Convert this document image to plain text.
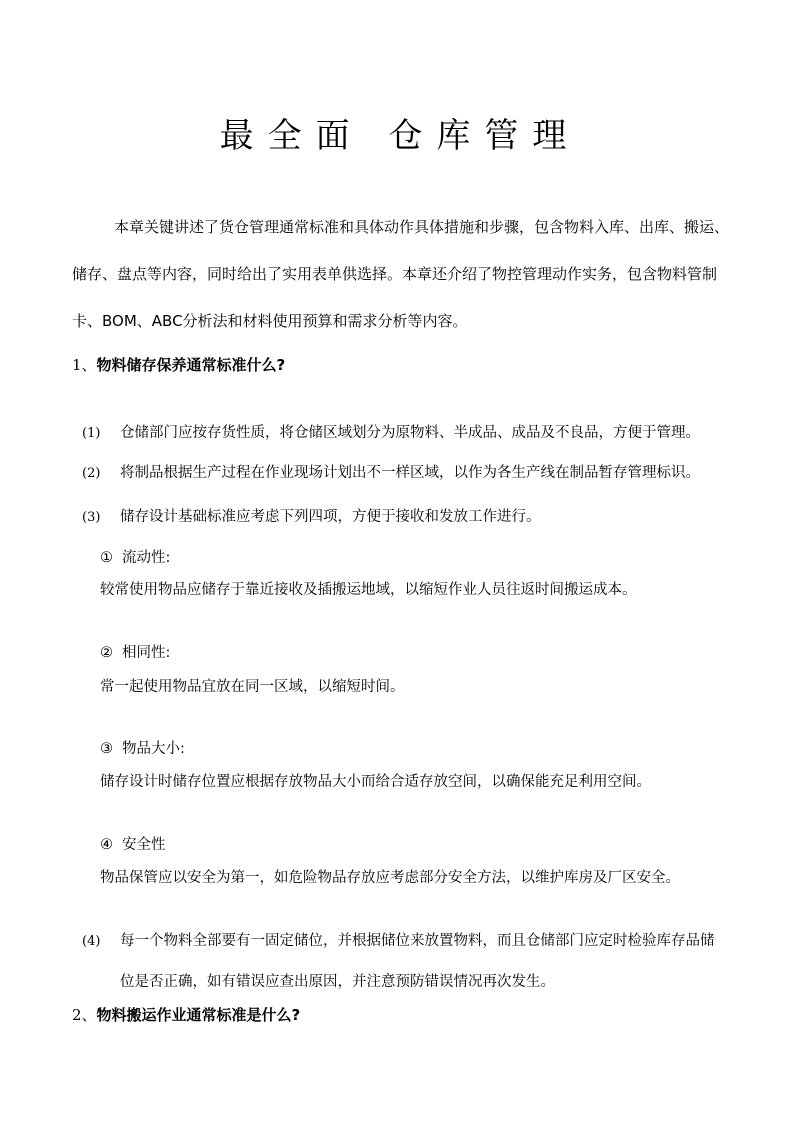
最全面 仓库管理

本章关键讲述了货仓管理通常标准和具体动作具体措施和步骤，包含物料入库、出库、搬运、储存、盘点等内容，同时给出了实用表单供选择。本章还介绍了物控管理动作实务，包含物料管制卡、BOM、ABC分析法和材料使用预算和需求分析等内容。

1、物料储存保养通常标准什么?

(1) 仓储部门应按存货性质，将仓储区域划分为原物料、半成品、成品及不良品，方便于管理。

(2) 将制品根据生产过程在作业现场计划出不一样区域，以作为各生产线在制品暂存管理标识。

(3) 储存设计基础标准应考虑下列四项，方便于接收和发放工作进行。

① 流动性:

较常使用物品应储存于靠近接收及插搬运地域，以缩短作业人员往返时间搬运成本。

② 相同性:

常一起使用物品宜放在同一区域，以缩短时间。

③ 物品大小:

储存设计时储存位置应根据存放物品大小而给合适存放空间，以确保能充足利用空间。

④ 安全性

物品保管应以安全为第一，如危险物品存放应考虑部分安全方法，以维护库房及厂区安全。

(4) 每一个物料全部要有一固定储位，并根据储位来放置物料，而且仓储部门应定时检验库存品储

位是否正确，如有错误应查出原因，并注意预防错误情况再次发生。

2、物料搬运作业通常标准是什么?
